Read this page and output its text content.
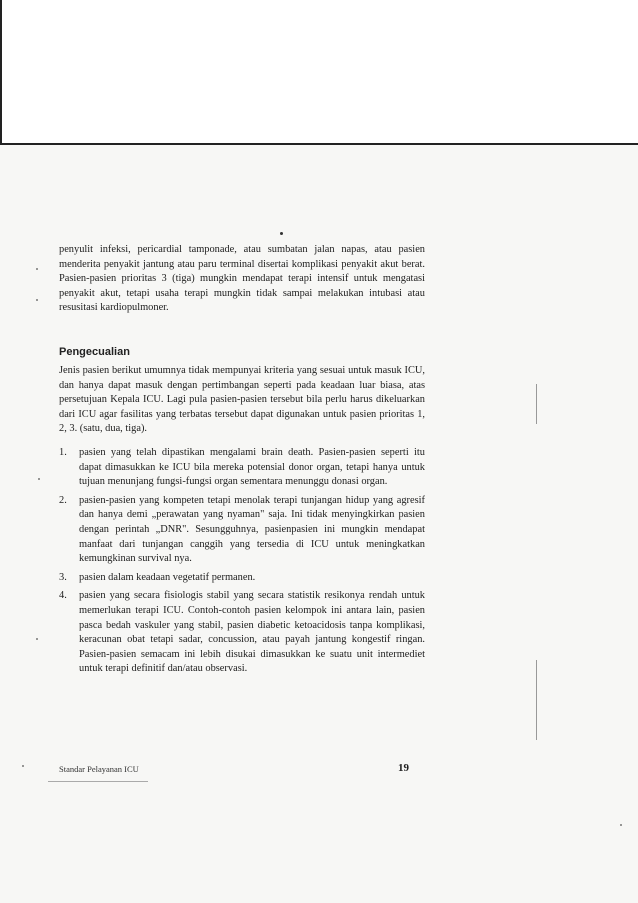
penyulit infeksi, pericardial tamponade, atau sumbatan jalan napas, atau pasien menderita penyakit jantung atau paru terminal disertai komplikasi penyakit akut berat. Pasien-pasien prioritas 3 (tiga) mungkin mendapat terapi intensif untuk mengatasi penyakit akut, tetapi usaha terapi mungkin tidak sampai melakukan intubasi atau resusitasi kardiopulmoner.

Pengecualian

Jenis pasien berikut umumnya tidak mempunyai kriteria yang sesuai untuk masuk ICU, dan hanya dapat masuk dengan pertimbangan seperti pada keadaan luar biasa, atas persetujuan Kepala ICU. Lagi pula pasien-pasien tersebut bila perlu harus dikeluarkan dari ICU agar fasilitas yang terbatas tersebut dapat digunakan untuk pasien prioritas 1, 2, 3. (satu, dua, tiga).

1. pasien yang telah dipastikan mengalami brain death. Pasien-pasien seperti itu dapat dimasukkan ke ICU bila mereka potensial donor organ, tetapi hanya untuk tujuan menunjang fungsi-fungsi organ sementara menunggu donasi organ.
2. pasien-pasien yang kompeten tetapi menolak terapi tunjangan hidup yang agresif dan hanya demi „perawatan yang nyaman" saja. Ini tidak menyingkirkan pasien dengan perintah „DNR". Sesungguhnya, pasienpasien ini mungkin mendapat manfaat dari tunjangan canggih yang tersedia di ICU untuk meningkatkan kemungkinan survival nya.
3. pasien dalam keadaan vegetatif permanen.
4. pasien yang secara fisiologis stabil yang secara statistik resikonya rendah untuk memerlukan terapi ICU. Contoh-contoh pasien kelompok ini antara lain, pasien pasca bedah vaskuler yang stabil, pasien diabetic ketoacidosis tanpa komplikasi, keracunan obat tetapi sadar, concussion, atau payah jantung kongestif ringan. Pasien-pasien semacam ini lebih disukai dimasukkan ke suatu unit intermediet untuk terapi definitif dan/atau observasi.
Standar Pelayanan ICU	19
